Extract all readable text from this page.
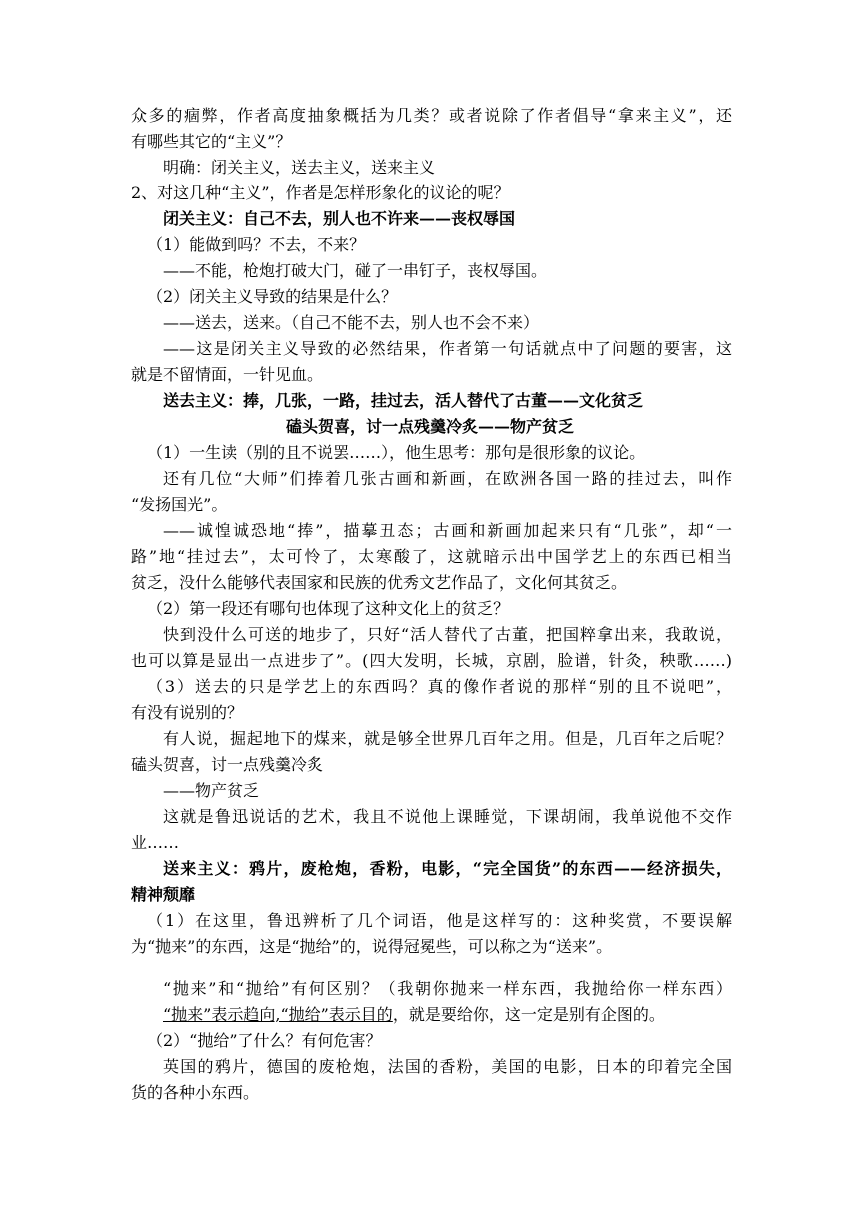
众多的痼弊，作者高度抽象概括为几类？或者说除了作者倡导“拿来主义”，还
有哪些其它的“主义”？
明确：闭关主义，送去主义，送来主义
2、对这几种“主义”，作者是怎样形象化的议论的呢？
闭关主义：自己不去，别人也不许来——丧权辱国
（1）能做到吗？不去，不来？
——不能，枪炮打破大门，碰了一串钉子，丧权辱国。
（2）闭关主义导致的结果是什么？
——送去，送来。（自己不能不去，别人也不会不来）
——这是闭关主义导致的必然结果，作者第一句话就点中了问题的要害，这
就是不留情面，一针见血。
送去主义：捧，几张，一路，挂过去，活人替代了古董——文化贫乏
磕头贺喜，讨一点残羹冷炙——物产贫乏
（1）一生读（别的且不说罢……），他生思考：那句是很形象的议论。
还有几位“大师”们捧着几张古画和新画，在欧洲各国一路的挂过去，叫作
“发扬国光”。
——诚惶诚恐地“捧”，描摹丑态；古画和新画加起来只有“几张”，却“一
路”地“挂过去”，太可怜了，太寒酸了，这就暗示出中国学艺上的东西已相当
贫乏，没什么能够代表国家和民族的优秀文艺作品了，文化何其贫乏。
（2）第一段还有哪句也体现了这种文化上的贫乏？
快到没什么可送的地步了，只好“活人替代了古董，把国粹拿出来，我敢说，
也可以算是显出一点进步了”。(四大发明，长城，京剧，脸谱，针灸，秧歌……)
（3）送去的只是学艺上的东西吗？真的像作者说的那样“别的且不说吧”，
有没有说别的？
有人说，掘起地下的煤来，就是够全世界几百年之用。但是，几百年之后呢？
磕头贺喜，讨一点残羹冷炙
——物产贫乏
这就是鲁迅说话的艺术，我且不说他上课睡觉，下课胡闹，我单说他不交作
业……
送来主义：鸦片，废枪炮，香粉，电影，“完全国货”的东西——经济损失，
精神颓靡
（1）在这里，鲁迅辨析了几个词语，他是这样写的：这种奖赏，不要误解
为“抛来”的东西，这是“抛给”的，说得冠冕些，可以称之为“送来”。
“抛来”和“抛给”有何区别？（我朝你抛来一样东西，我抛给你一样东西）
“抛来”表示趋向,“抛给”表示目的，就是要给你，这一定是别有企图的。
（2）“抛给”了什么？有何危害？
英国的鸦片，德国的废枪炮，法国的香粉，美国的电影，日本的印着完全国
货的各种小东西。
